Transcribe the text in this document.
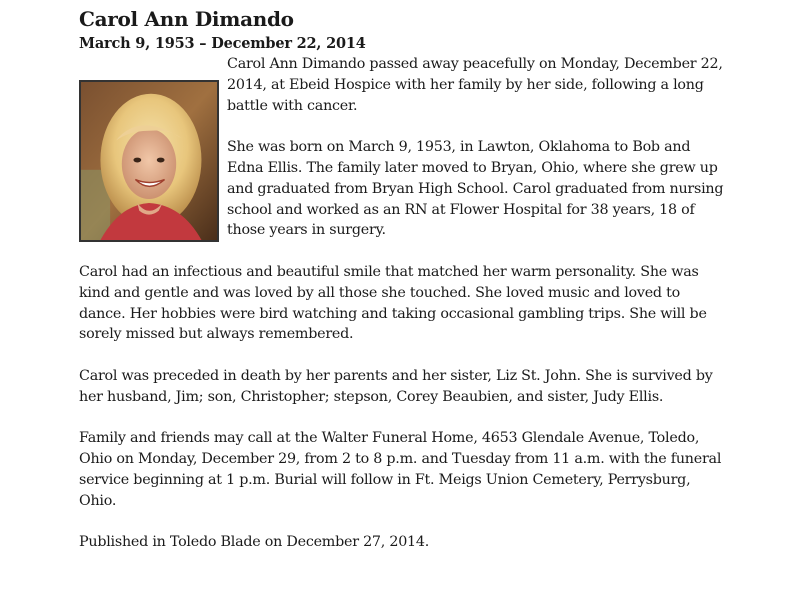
Carol Ann Dimando
March 9, 1953 – December 22, 2014

Carol Ann Dimando passed away peacefully on Monday, December 22, 2014, at Ebeid Hospice with her family by her side, following a long battle with cancer.

She was born on March 9, 1953, in Lawton, Oklahoma to Bob and Edna Ellis. The family later moved to Bryan, Ohio, where she grew up and graduated from Bryan High School. Carol graduated from nursing school and worked as an RN at Flower Hospital for 38 years, 18 of those years in surgery.

Carol had an infectious and beautiful smile that matched her warm personality. She was kind and gentle and was loved by all those she touched. She loved music and loved to dance. Her hobbies were bird watching and taking occasional gambling trips. She will be sorely missed but always remembered.

Carol was preceded in death by her parents and her sister, Liz St. John. She is survived by her husband, Jim; son, Christopher; stepson, Corey Beaubien, and sister, Judy Ellis.

Family and friends may call at the Walter Funeral Home, 4653 Glendale Avenue, Toledo, Ohio on Monday, December 29, from 2 to 8 p.m. and Tuesday from 11 a.m. with the funeral service beginning at 1 p.m. Burial will follow in Ft. Meigs Union Cemetery, Perrysburg, Ohio.

Published in Toledo Blade on December 27, 2014.
